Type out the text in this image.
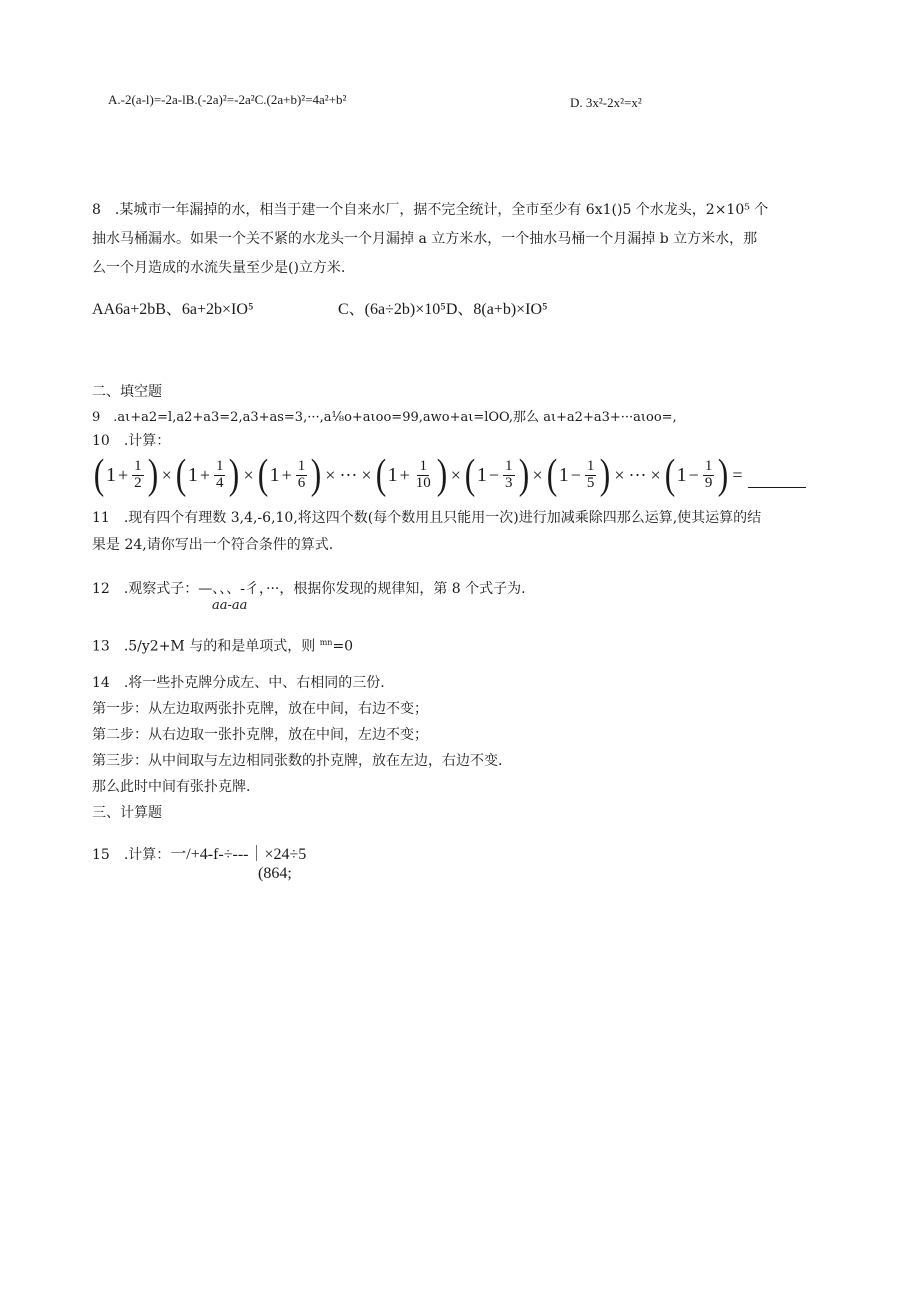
A.-2(a-l)=-2a-lB.(-2a)²=-2a²C.(2a+b)²=4a²+b²	D. 3x²-2x²=x²
8　.某城市一年漏掉的水，相当于建一个自来水厂，据不完全统计，全市至少有 6x1()5 个水龙头，2×10⁵ 个
抽水马桶漏水。如果一个关不紧的水龙头一个月漏掉 a 立方米水，一个抽水马桶一个月漏掉 b 立方米水，那
么一个月造成的水流失量至少是()立方米.
AA6a+2bB、6a+2b×IO⁵	C、(6a÷2b)×10⁵D、8(a+b)×IO⁵
二、填空题
9　.aι+a2=l,a2+a3=2,a3+as=3,···,a⅛o+aιoo=99,awo+aι=lOO,那么 aι+a2+a3+···aιoo=,
10　.计算：
( $1 + \frac{1}{2}$ ) × ( $1 + \frac{1}{4}$ ) × ( $1 + \frac{1}{6}$ ) × ··· × ( $1 + \frac{1}{10}$ ) × ( $1 - \frac{1}{3}$ ) × ( $1 - \frac{1}{5}$ ) × ··· × ( $1 - \frac{1}{9}$ ) =
11　.现有四个有理数 3,4,-6,10,将这四个数(每个数用且只能用一次)进行加减乘除四那么运算,使其运算的结
果是 24,请你写出一个符合条件的算式.
12　.观察式子：—、、、-彳，···，根据你发现的规律知，第 8 个式子为.
aa-aa
13　.5∕y2+M 与的和是单项式，则 $^{mn}$=0
14　.将一些扑克牌分成左、中、右相同的三份.
第一步：从左边取两张扑克牌，放在中间，右边不变；
第二步：从右边取一张扑克牌，放在中间，左边不变；
第三步：从中间取与左边相同张数的扑克牌，放在左边，右边不变.
那么此时中间有张扑克牌.
三、计算题
15　.计算：一/+4-f-÷---｜×24÷5
(864;
